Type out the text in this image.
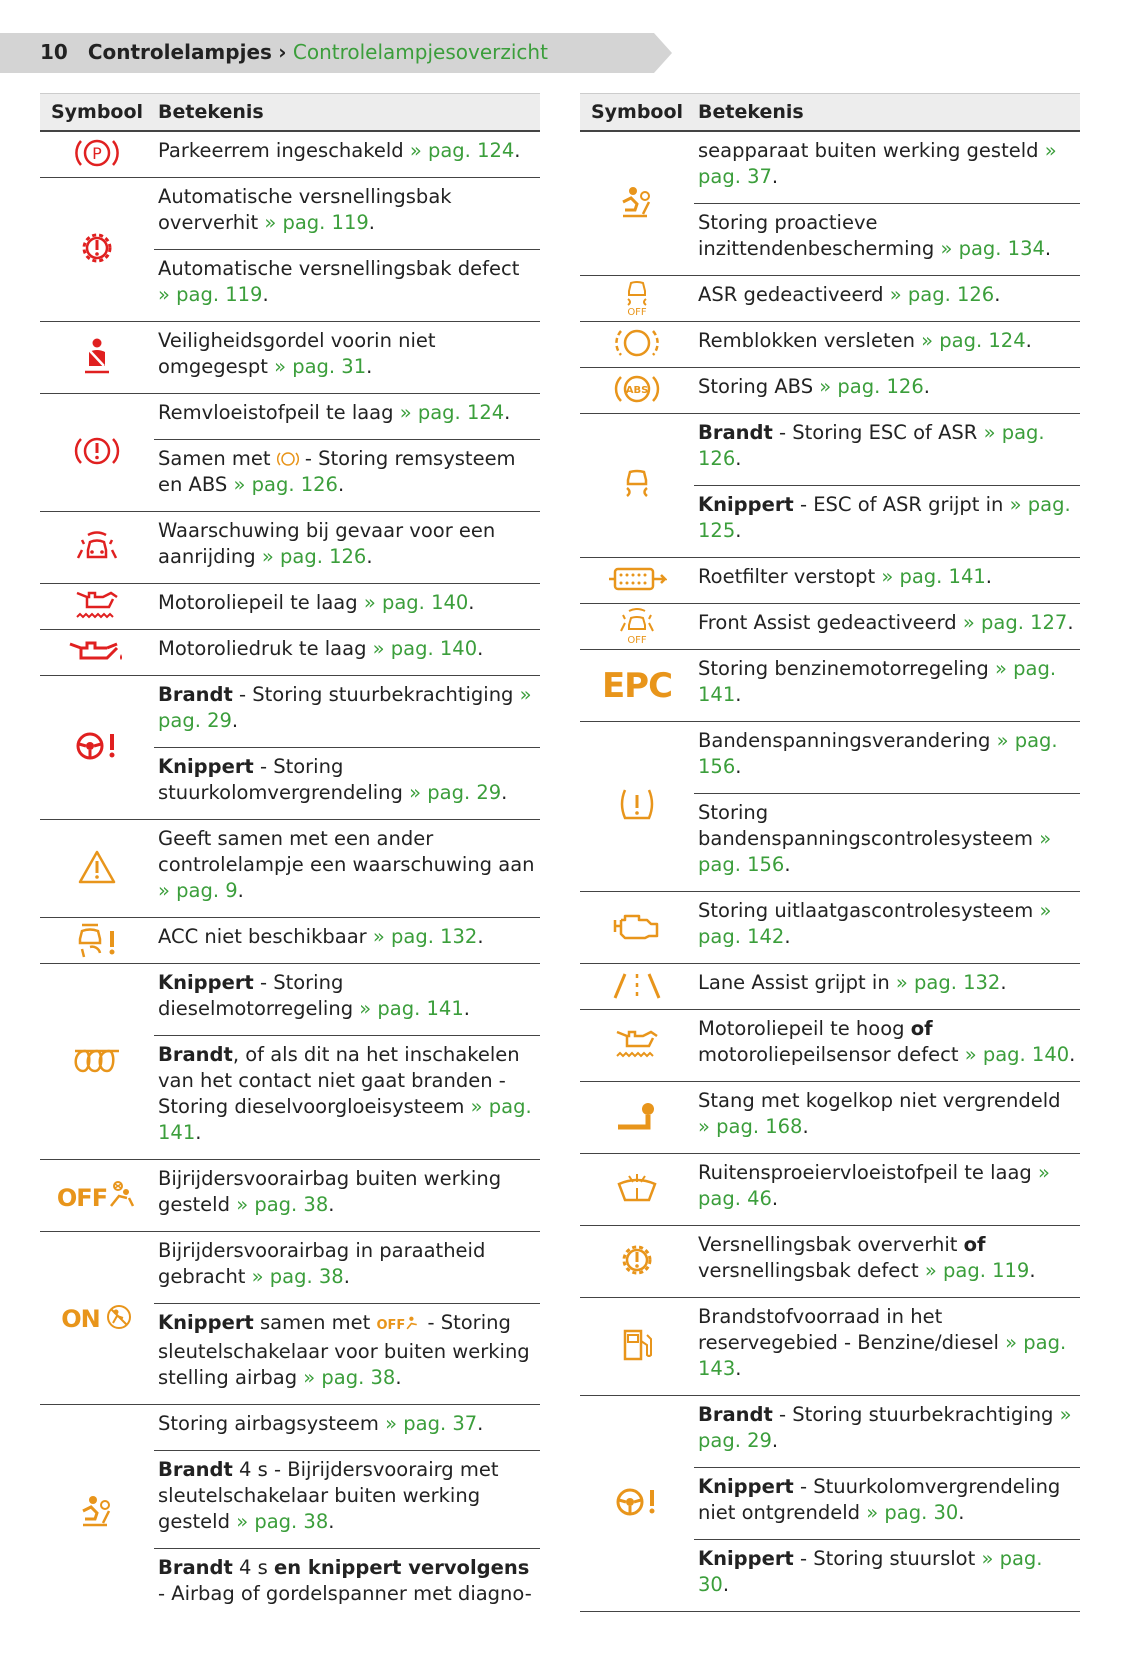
10 Controlelampjes › Controlelampjesoverzicht
Symbool	Betekenis

P	Parkeerrem ingeschakeld » pag. 124.

	Automatische versnellingsbak oververhit » pag. 119.
	Automatische versnellingsbak defect » pag. 119.

	Veiligheidsgordel voorin niet omgegespt » pag. 31.

	Remvloeistofpeil te laag » pag. 124.
	Samen met - Storing remsysteem en ABS » pag. 126.

	Waarschuwing bij gevaar voor een aanrijding » pag. 126.

	Motoroliepeil te laag » pag. 140.

	Motoroliedruk te laag » pag. 140.

	Brandt - Storing stuurbekrachtiging » pag. 29.
	Knippert - Storing stuurkolomvergrendeling » pag. 29.

	Geeft samen met een ander controlelampje een waarschuwing aan » pag. 9.

	ACC niet beschikbaar » pag. 132.

	Knippert - Storing dieselmotorregeling » pag. 141.
	Brandt, of als dit na het inschakelen van het contact niet gaat branden - Storing dieselvoorgloeisysteem » pag. 141.
OFF	Bijrijdersvoorairbag buiten werking gesteld » pag. 38.
ON	Bijrijdersvoorairbag in paraatheid gebracht » pag. 38.
	Knippert samen met OFF - Storing sleutelschakelaar voor buiten werking stelling airbag » pag. 38.

	Storing airbagsysteem » pag. 37.
	Brandt 4 s - Bijrijdersvoorairg met sleutelschakelaar buiten werking gesteld » pag. 38.
	Brandt 4 s en knippert vervolgens - Airbag of gordelspanner met diagno-
Symbool	Betekenis

	seapparaat buiten werking gesteld » pag. 37.
	Storing proactieve inzittendenbescherming » pag. 134.

OFF	ASR gedeactiveerd » pag. 126.

	Remblokken versleten » pag. 124.

ABS	Storing ABS » pag. 126.

	Brandt - Storing ESC of ASR » pag. 126.
	Knippert - ESC of ASR grijpt in » pag. 125.

	Roetfilter verstopt » pag. 141.

OFF	Front Assist gedeactiveerd » pag. 127.
EPC	Storing benzinemotorregeling » pag. 141.

	Bandenspanningsverandering » pag. 156.
	Storing bandenspanningscontrolesysteem » pag. 156.

	Storing uitlaatgascontrolesysteem » pag. 142.

	Lane Assist grijpt in » pag. 132.

	Motoroliepeil te hoog of motoroliepeilsensor defect » pag. 140.

	Stang met kogelkop niet vergrendeld » pag. 168.

	Ruitensproeiervloeistofpeil te laag » pag. 46.

	Versnellingsbak oververhit of versnellingsbak defect » pag. 119.

	Brandstofvoorraad in het reservegebied - Benzine/diesel » pag. 143.

	Brandt - Storing stuurbekrachtiging » pag. 29.
	Knippert - Stuurkolomvergrendeling niet ontgrendeld » pag. 30.
	Knippert - Storing stuurslot » pag. 30.
